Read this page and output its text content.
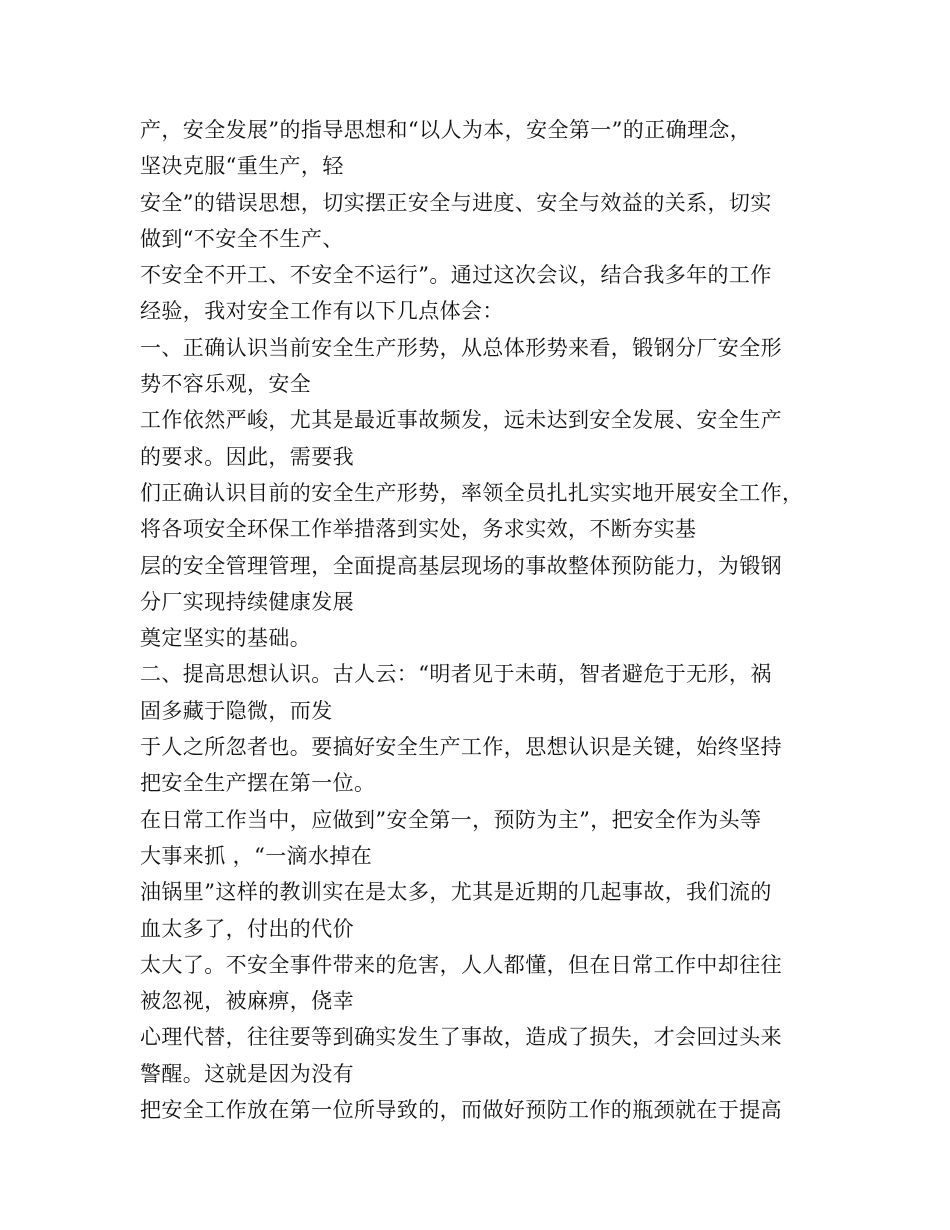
产，安全发展”的指导思想和“以人为本，安全第一”的正确理念，
坚决克服“重生产，轻
安全”的错误思想，切实摆正安全与进度、安全与效益的关系，切实
做到“不安全不生产、
不安全不开工、不安全不运行”。通过这次会议，结合我多年的工作
经验，我对安全工作有以下几点体会：
一、正确认识当前安全生产形势，从总体形势来看，锻钢分厂安全形
势不容乐观，安全
工作依然严峻，尤其是最近事故频发，远未达到安全发展、安全生产
的要求。因此，需要我
们正确认识目前的安全生产形势，率领全员扎扎实实地开展安全工作，
将各项安全环保工作举措落到实处，务求实效，不断夯实基
层的安全管理管理，全面提高基层现场的事故整体预防能力，为锻钢
分厂实现持续健康发展
奠定坚实的基础。
二、提高思想认识。古人云：“明者见于未萌，智者避危于无形，祸
固多藏于隐微，而发
于人之所忽者也。要搞好安全生产工作，思想认识是关键，始终坚持
把安全生产摆在第一位。
在日常工作当中，应做到”安全第一，预防为主”，把安全作为头等
大事来抓 ，“一滴水掉在
油锅里”这样的教训实在是太多，尤其是近期的几起事故，我们流的
血太多了，付出的代价
太大了。不安全事件带来的危害，人人都懂，但在日常工作中却往往
被忽视，被麻痹，侥幸
心理代替，往往要等到确实发生了事故，造成了损失，才会回过头来
警醒。这就是因为没有
把安全工作放在第一位所导致的，而做好预防工作的瓶颈就在于提高
